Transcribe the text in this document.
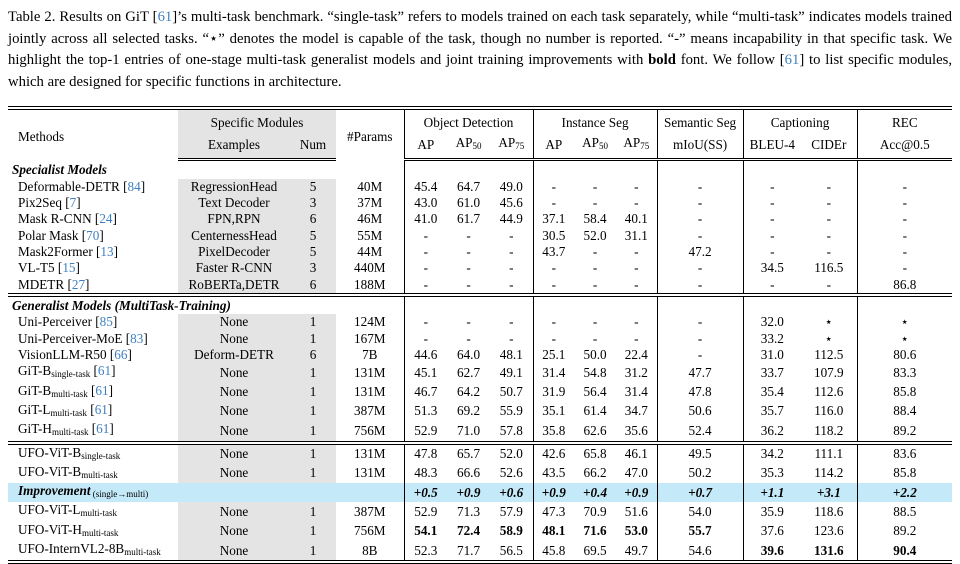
Table 2. Results on GiT [61]’s multi-task benchmark. “single-task” refers to models trained on each task separately, while “multi-task” indicates models trained jointly across all selected tasks. “⋆” denotes the model is capable of the task, though no number is reported. “-” means incapability in that specific task. We highlight the top-1 entries of one-stage multi-task generalist models and joint training improvements with bold font. We follow [61] to list specific modules, which are designed for specific functions in architecture.
Methods	Specific Modules		#Params	Object Detection			Instance Seg			Semantic Seg	Captioning		REC
	Examples	Num		AP	AP50	AP75	AP	AP50	AP75	mIoU(SS)	BLEU-4	CIDEr	Acc@0.5
Specialist Models													
Deformable-DETR [84]	RegressionHead	5	40M	45.4	64.7	49.0	-	-	-	-	-	-	-
Pix2Seq [7]	Text Decoder	3	37M	43.0	61.0	45.6	-	-	-	-	-	-	-
Mask R-CNN [24]	FPN,RPN	6	46M	41.0	61.7	44.9	37.1	58.4	40.1	-	-	-	-
Polar Mask [70]	CenternessHead	5	55M	-	-	-	30.5	52.0	31.1	-	-	-	-
Mask2Former [13]	PixelDecoder	5	44M	-	-	-	43.7	-	-	47.2	-	-	-
VL-T5 [15]	Faster R-CNN	3	440M	-	-	-	-	-	-	-	34.5	116.5	-
MDETR [27]	RoBERTa,DETR	6	188M	-	-	-	-	-	-	-	-	-	86.8
Generalist Models (MultiTask-Training)													
Uni-Perceiver [85]	None	1	124M	-	-	-	-	-	-	-	32.0	⋆	⋆
Uni-Perceiver-MoE [83]	None	1	167M	-	-	-	-	-	-	-	33.2	⋆	⋆
VisionLLM-R50 [66]	Deform-DETR	6	7B	44.6	64.0	48.1	25.1	50.0	22.4	-	31.0	112.5	80.6
GiT-Bsingle-task [61]	None	1	131M	45.1	62.7	49.1	31.4	54.8	31.2	47.7	33.7	107.9	83.3
GiT-Bmulti-task [61]	None	1	131M	46.7	64.2	50.7	31.9	56.4	31.4	47.8	35.4	112.6	85.8
GiT-Lmulti-task [61]	None	1	387M	51.3	69.2	55.9	35.1	61.4	34.7	50.6	35.7	116.0	88.4
GiT-Hmulti-task [61]	None	1	756M	52.9	71.0	57.8	35.8	62.6	35.6	52.4	36.2	118.2	89.2
UFO-ViT-Bsingle-task	None	1	131M	47.8	65.7	52.0	42.6	65.8	46.1	49.5	34.2	111.1	83.6
UFO-ViT-Bmulti-task	None	1	131M	48.3	66.6	52.6	43.5	66.2	47.0	50.2	35.3	114.2	85.8
Improvement (single→multi)				+0.5	+0.9	+0.6	+0.9	+0.4	+0.9	+0.7	+1.1	+3.1	+2.2
UFO-ViT-Lmulti-task	None	1	387M	52.9	71.3	57.9	47.3	70.9	51.6	54.0	35.9	118.6	88.5
UFO-ViT-Hmulti-task	None	1	756M	54.1	72.4	58.9	48.1	71.6	53.0	55.7	37.6	123.6	89.2
UFO-InternVL2-8Bmulti-task	None	1	8B	52.3	71.7	56.5	45.8	69.5	49.7	54.6	39.6	131.6	90.4
